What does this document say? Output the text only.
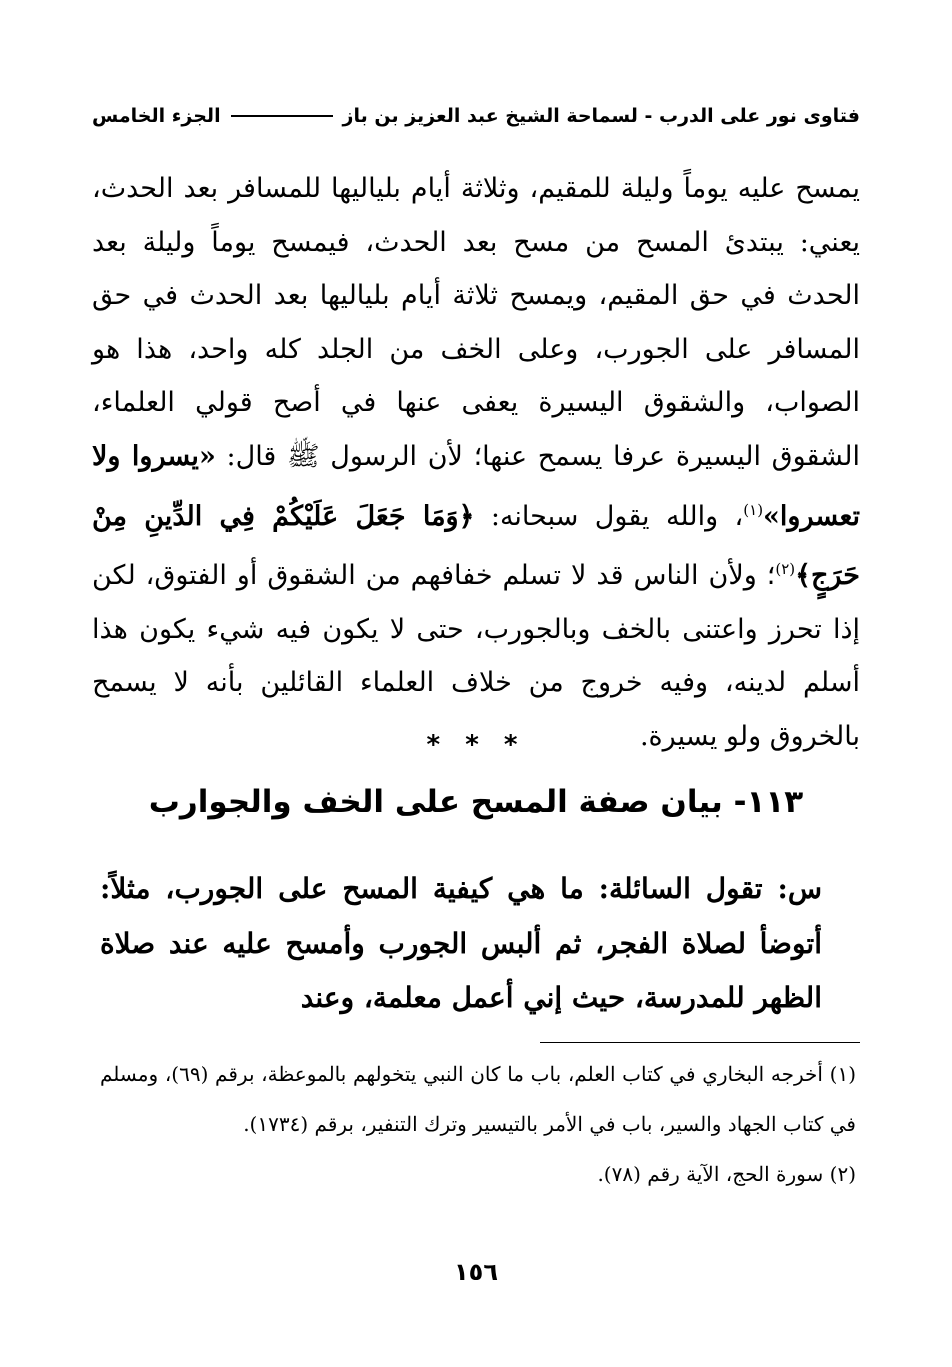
فتاوى نور على الدرب - لسماحة الشيخ عبد العزيز بن باز
الجزء الخامس

يمسح عليه يوماً وليلة للمقيم، وثلاثة أيام بلياليها للمسافر بعد الحدث، يعني: يبتدئ المسح من مسح بعد الحدث، فيمسح يوماً وليلة بعد الحدث في حق المقيم، ويمسح ثلاثة أيام بلياليها بعد الحدث في حق المسافر على الجورب، وعلى الخف من الجلد كله واحد، هذا هو الصواب، والشقوق اليسيرة يعفى عنها في أصح قولي العلماء، الشقوق اليسيرة عرفا يسمح عنها؛ لأن الرسول ﷺ قال: «يسروا ولا تعسروا»$^{(١)}$، والله يقول سبحانه: ﴿وَمَا جَعَلَ عَلَيْكُمْ فِي الدِّينِ مِنْ حَرَجٍ﴾$^{(٢)}$؛ ولأن الناس قد لا تسلم خفافهم من الشقوق أو الفتوق، لكن إذا تحرز واعتنى بالخف وبالجورب، حتى لا يكون فيه شيء يكون هذا أسلم لدينه، وفيه خروج من خلاف العلماء القائلين بأنه لا يسمح بالخروق ولو يسيرة.

* * *
١١٣- بيان صفة المسح على الخف والجوارب

س: تقول السائلة: ما هي كيفية المسح على الجورب، مثلاً: أتوضأ لصلاة الفجر، ثم ألبس الجورب وأمسح عليه عند صلاة الظهر للمدرسة، حيث إني أعمل معلمة، وعند

(١) أخرجه البخاري في كتاب العلم، باب ما كان النبي يتخولهم بالموعظة، برقم (٦٩)، ومسلم في كتاب الجهاد والسير، باب في الأمر بالتيسير وترك التنفير، برقم (١٧٣٤).

(٢) سورة الحج، الآية رقم (٧٨).

١٥٦
